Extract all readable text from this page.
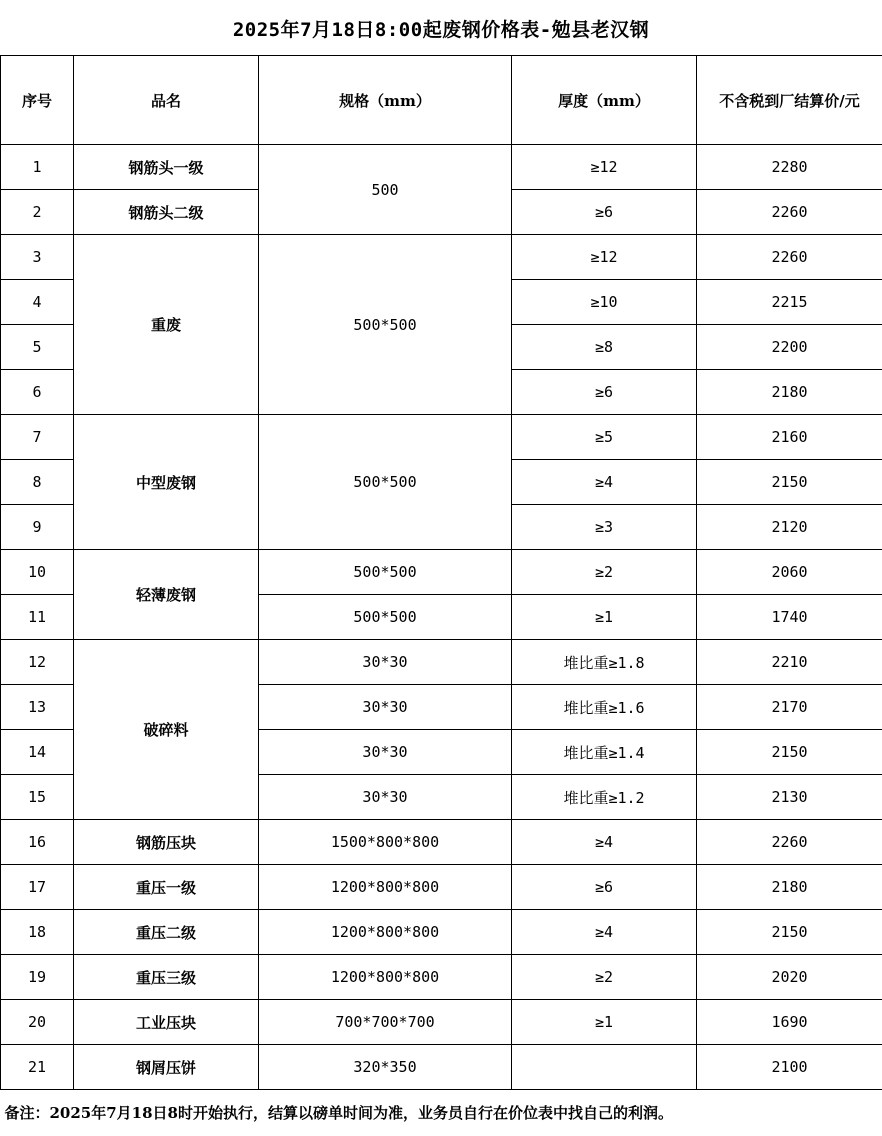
2025年7月18日8:00起废钢价格表-勉县老汉钢
序号	品名	规格（mm）	厚度（mm）	不含税到厂结算价/元
1	钢筋头一级	500	≥12	2280
2	钢筋头二级		≥6	2260
3	重废	500*500	≥12	2260
4			≥10	2215
5			≥8	2200
6			≥6	2180
7	中型废钢	500*500	≥5	2160
8			≥4	2150
9			≥3	2120
10	轻薄废钢	500*500	≥2	2060
11		500*500	≥1	1740
12	破碎料	30*30	堆比重≥1.8	2210
13		30*30	堆比重≥1.6	2170
14		30*30	堆比重≥1.4	2150
15		30*30	堆比重≥1.2	2130
16	钢筋压块	1500*800*800	≥4	2260
17	重压一级	1200*800*800	≥6	2180
18	重压二级	1200*800*800	≥4	2150
19	重压三级	1200*800*800	≥2	2020
20	工业压块	700*700*700	≥1	1690
21	钢屑压饼	320*350		2100
备注：2025年7月18日8时开始执行，结算以磅单时间为准，业务员自行在价位表中找自己的利润。				
